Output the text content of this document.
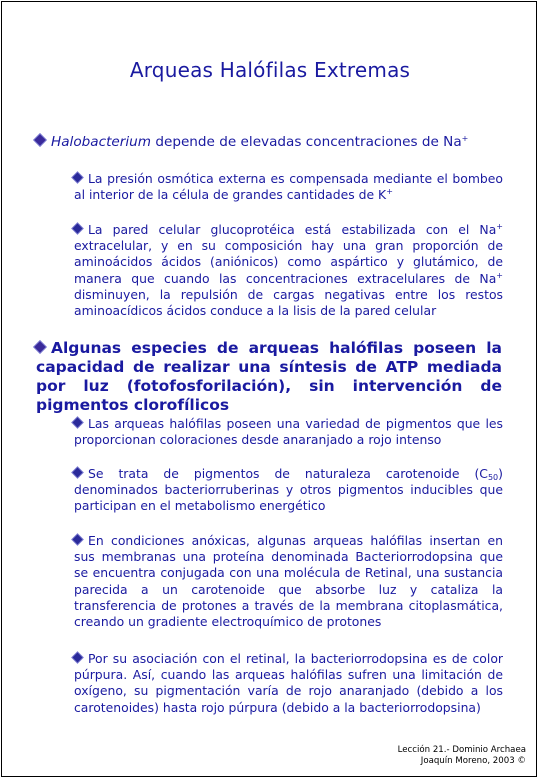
Arqueas Halófilas Extremas
Halobacterium depende de elevadas concentraciones de Na+
La presión osmótica externa es compensada mediante el bombeo al interior de la célula de grandes cantidades de K+
La pared celular glucoprotéica está estabilizada con el Na+ extracelular, y en su composición hay una gran proporción de aminoácidos ácidos (aniónicos) como aspártico y glutámico, de manera que cuando las concentraciones extracelulares de Na+ disminuyen, la repulsión de cargas negativas entre los restos aminoacídicos ácidos conduce a la lisis de la pared celular
Algunas especies de arqueas halófilas poseen la capacidad de realizar una síntesis de ATP mediada por luz (fotofosforilación), sin intervención de pigmentos clorofílicos
Las arqueas halófilas poseen una variedad de pigmentos que les proporcionan coloraciones desde anaranjado a rojo intenso
Se trata de pigmentos de naturaleza carotenoide $(C_{50})$ denominados bacteriorruberinas y otros pigmentos inducibles que participan en el metabolismo energético
En condiciones anóxicas, algunas arqueas halófilas insertan en sus membranas una proteína denominada Bacteriorrodopsina que se encuentra conjugada con una molécula de Retinal, una sustancia parecida a un carotenoide que absorbe luz y cataliza la transferencia de protones a través de la membrana citoplasmática, creando un gradiente electroquímico de protones
Por su asociación con el retinal, la bacteriorrodopsina es de color púrpura. Así, cuando las arqueas halófilas sufren una limitación de oxígeno, su pigmentación varía de rojo anaranjado (debido a los carotenoides) hasta rojo púrpura (debido a la bacteriorrodopsina)
Lección 21.- Dominio Archaea
Joaquín Moreno, 2003 ©
